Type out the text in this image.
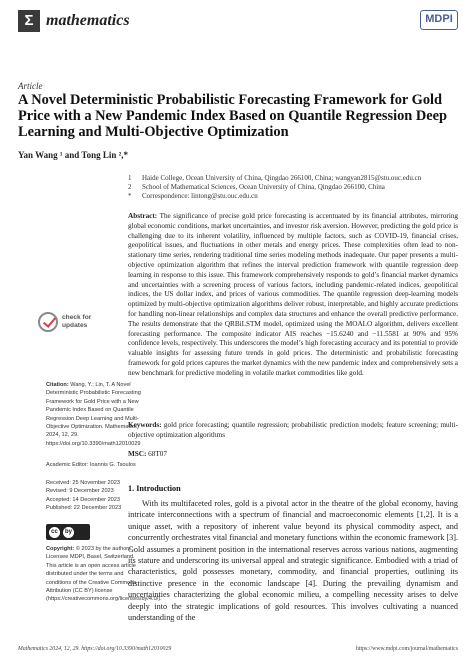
Σ mathematics	MDPI
Article
A Novel Deterministic Probabilistic Forecasting Framework for Gold Price with a New Pandemic Index Based on Quantile Regression Deep Learning and Multi-Objective Optimization
Yan Wang ¹ and Tong Lin ²,*
1	Haide College, Ocean University of China, Qingdao 266100, China; wangyan2815@stu.ouc.edu.cn
2	School of Mathematical Sciences, Ocean University of China, Qingdao 266100, China
*	Correspondence: lintong@stu.ouc.edu.cn
Abstract: The significance of precise gold price forecasting is accentuated by its financial attributes, mirroring global economic conditions, market uncertainties, and investor risk aversion. However, predicting the gold price is challenging due to its inherent volatility, influenced by multiple factors, such as COVID-19, financial crises, geopolitical issues, and fluctuations in other metals and energy prices. These complexities often lead to non-stationary time series, rendering traditional time series modeling methods inadequate. Our paper presents a multi-objective optimization algorithm that refines the interval prediction framework with quantile regression deep learning in response to this issue. This framework comprehensively responds to gold’s financial market dynamics and uncertainties with a screening process of various factors, including pandemic-related indices, geopolitical indices, the US dollar index, and prices of various commodities. The quantile regression deep-learning models optimized by multi-objective optimization algorithms deliver robust, interpretable, and highly accurate predictions for handling non-linear relationships and complex data structures and enhance the overall predictive performance. The results demonstrate that the QRBiLSTM model, optimized using the MOALO algorithm, delivers excellent forecasting performance. The composite indicator AIS reaches −15.6240 and −11.5581 at 90% and 95% confidence levels, respectively. This underscores the model’s high forecasting accuracy and its potential to provide valuable insights for assessing future trends in gold prices. The deterministic and probabilistic forecasting framework for gold prices captures the market dynamics with the new pandemic index and comprehensively sets a new benchmark for predictive modeling in volatile market commodities like gold.
Keywords: gold price forecasting; quantile regression; probabilistic prediction models; feature screening; multi-objective optimization algorithms
MSC: 68T07
1. Introduction
With its multifaceted roles, gold is a pivotal actor in the theatre of the global economy, having intricate interconnections with a spectrum of financial and macroeconomic elements [1,2]. It is a unique asset, with a repository of inherent value beyond its physical commodity aspect, and concurrently orchestrates vital financial and monetary functions within the economic framework [3]. Gold assumes a prominent position in the international reserves across various nations, augmenting its stature and underscoring its universal appeal and strategic significance. Embodied with a triad of characteristics, gold possesses monetary, commodity, and financial properties, outlining its distinctive presence in the economic landscape [4]. During the prevailing dynamism and uncertainties characterizing the global economic milieu, a compelling necessity arises to delve deeply into the strategic implications of gold resources. This involves cultivating a nuanced understanding of the
check for
updates
Citation: Wang, Y.; Lin, T. A Novel Deterministic Probabilistic Forecasting Framework for Gold Price with a New Pandemic Index Based on Quantile Regression Deep Learning and Multi-Objective Optimization. Mathematics 2024, 12, 29. https://doi.org/10.3390/math12010029
Academic Editor: Ioannis G. Tsoulos
Received: 25 November 2023
Revised: 9 December 2023
Accepted: 14 December 2023
Published: 22 December 2023
cc	by
Copyright: © 2023 by the authors. Licensee MDPI, Basel, Switzerland. This article is an open access article distributed under the terms and conditions of the Creative Commons Attribution (CC BY) license (https://creativecommons.org/licenses/by/4.0/).
Mathematics 2024, 12, 29. https://doi.org/10.3390/math12010029	https://www.mdpi.com/journal/mathematics
